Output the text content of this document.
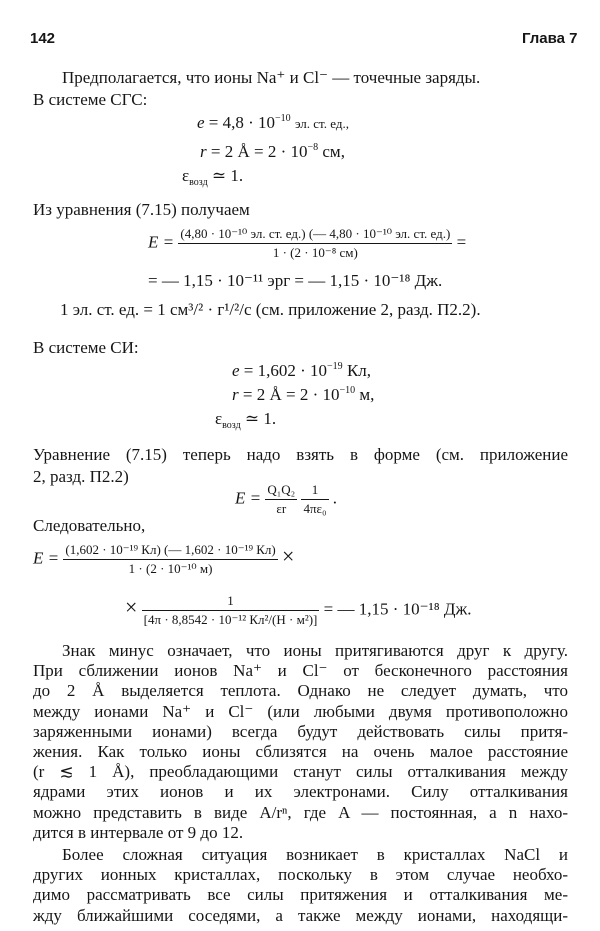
142	Глава 7
Предполагается, что ионы Na⁺ и Cl⁻ — точечные заряды.
В системе СГС:
$e = 4,8 \cdot 10^{-10}$ эл. ст. ед.,
r = 2 Å = $2 \cdot 10^{-8}$ см,
$\varepsilon_{возд}$ ≃ 1.
Из уравнения (7.15) получаем
$E = \frac{\text{(4,80 · 10⁻¹⁰ эл. ст. ед.) (— 4,80 · 10⁻¹⁰ эл. ст. ед.)}}{\text{1 · (2 · 10⁻⁸ см)}}$ =
= — 1,15 · 10⁻¹¹ эрг = — 1,15 · 10⁻¹⁸ Дж.
1 эл. ст. ед. = 1 см³/² · г¹/²/с (см. приложение 2, разд. П2.2).
В системе СИ:
$e = 1,602 \cdot 10^{-19}$ Кл,
r = 2 Å = $2 \cdot 10^{-10}$ м,
$\varepsilon_{возд}$ ≃ 1.
Уравнение (7.15) теперь надо взять в форме (см. приложение
2, разд. П2.2)
$E = \frac{\text{Q₁Q₂}}{\varepsilon r}$
$\frac{1}{\text{4πε₀}}$ .
Следовательно,
$E = \frac{\text{(1,602 · 10⁻¹⁹ Кл) (— 1,602 · 10⁻¹⁹ Кл)}}{\text{1 · (2 · 10⁻¹⁰ м)}}$ ×
× $\frac{1}{\text{[4π · 8,8542 · 10⁻¹² Кл²/(Н · м²)]}}$ = — 1,15 · 10⁻¹⁸ Дж.
Знак минус означает, что ионы притягиваются друг к другу.
При сближении ионов Na⁺ и Cl⁻ от бесконечного расстояния
до 2 Å выделяется теплота. Однако не следует думать, что
между ионами Na⁺ и Cl⁻ (или любыми двумя противоположно
заряженными ионами) всегда будут действовать силы притя-
жения. Как только ионы сблизятся на очень малое расстояние
(r ≲ 1 Å), преобладающими станут силы отталкивания между
ядрами этих ионов и их электронами. Силу отталкивания
можно представить в виде A/rⁿ, где A — постоянная, а n нахо-
дится в интервале от 9 до 12.
Более сложная ситуация возникает в кристаллах NaCl и
других ионных кристаллах, поскольку в этом случае необхо-
димо рассматривать все силы притяжения и отталкивания ме-
жду ближайшими соседями, а также между ионами, находящи-
